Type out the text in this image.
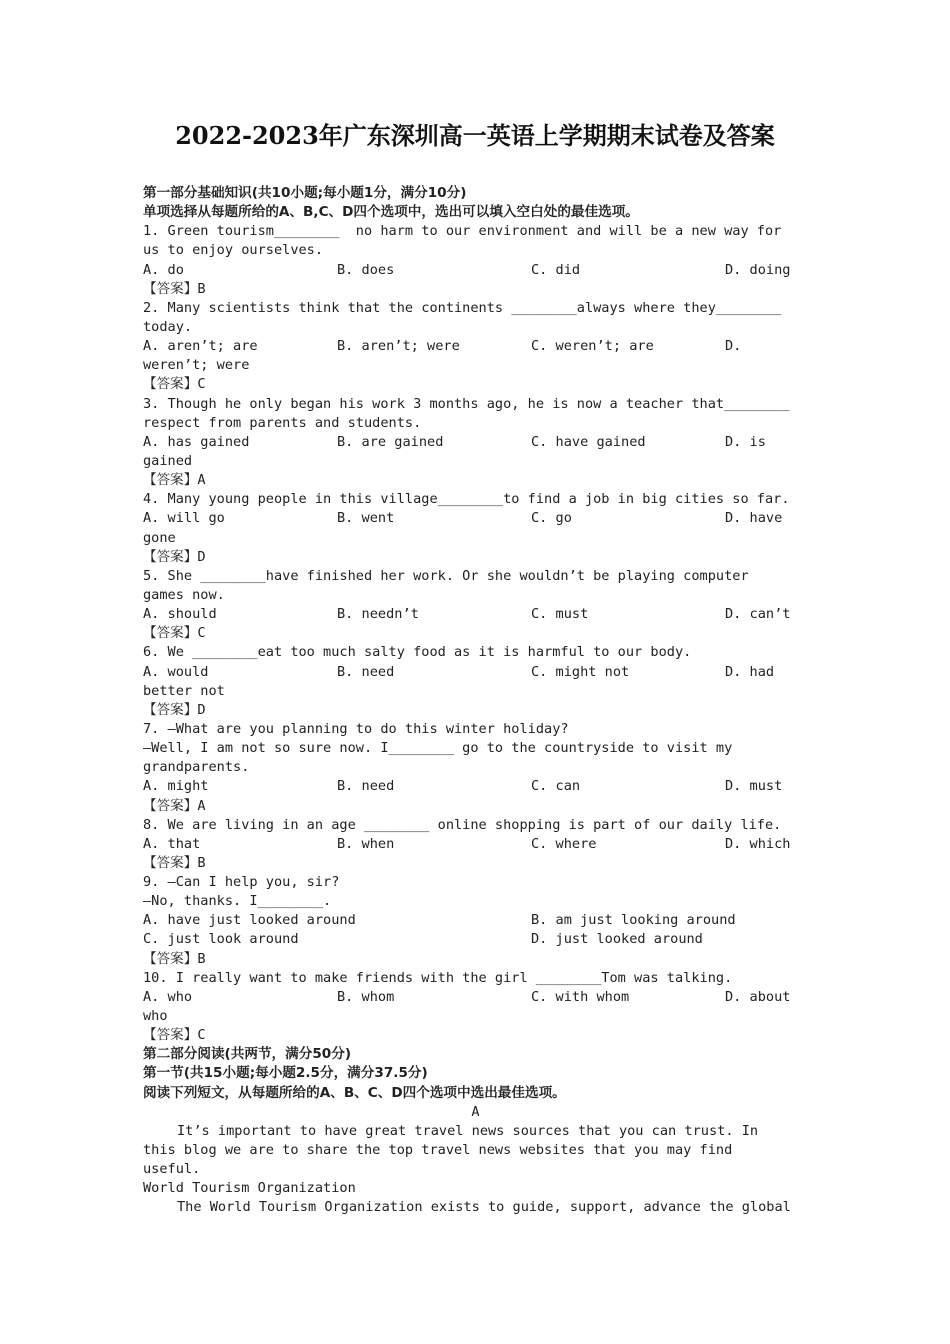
2022-2023年广东深圳高一英语上学期期末试卷及答案
第一部分基础知识(共10小题;每小题1分，满分10分)
单项选择从每题所给的A、B,C、D四个选项中，选出可以填入空白处的最佳选项。
1. Green tourism________  no harm to our environment and will be a new way for
us to enjoy ourselves.
A. do	B. does	C. did	D. doing
【答案】B
2. Many scientists think that the continents ________always where they________
today.
A. aren’t; are	B. aren’t; were	C. weren’t; are	D.
weren’t; were
【答案】C
3. Though he only began his work 3 months ago, he is now a teacher that________
respect from parents and students.
A. has gained	B. are gained	C. have gained	D. is
gained
【答案】A
4. Many young people in this village________to find a job in big cities so far.
A. will go	B. went	C. go	D. have
gone
【答案】D
5. She ________have finished her work. Or she wouldn’t be playing computer
games now.
A. should	B. needn’t	C. must	D. can’t
【答案】C
6. We ________eat too much salty food as it is harmful to our body.
A. would	B. need	C. might not	D. had
better not
【答案】D
7. —What are you planning to do this winter holiday?
—Well, I am not so sure now. I________ go to the countryside to visit my
grandparents.
A. might	B. need	C. can	D. must
【答案】A
8. We are living in an age ________ online shopping is part of our daily life.
A. that	B. when	C. where	D. which
【答案】B
9. —Can I help you, sir?
—No, thanks. I________.
A. have just looked around	B. am just looking around
C. just look around	D. just looked around
【答案】B
10. I really want to make friends with the girl ________Tom was talking.
A. who	B. whom	C. with whom	D. about
who
【答案】C
第二部分阅读(共两节，满分50分)
第一节(共15小题;每小题2.5分，满分37.5分)
阅读下列短文，从每题所给的A、B、C、D四个选项中选出最佳选项。
A
It’s important to have great travel news sources that you can trust. In
this blog we are to share the top travel news websites that you may find
useful.
World Tourism Organization
The World Tourism Organization exists to guide, support, advance the global
